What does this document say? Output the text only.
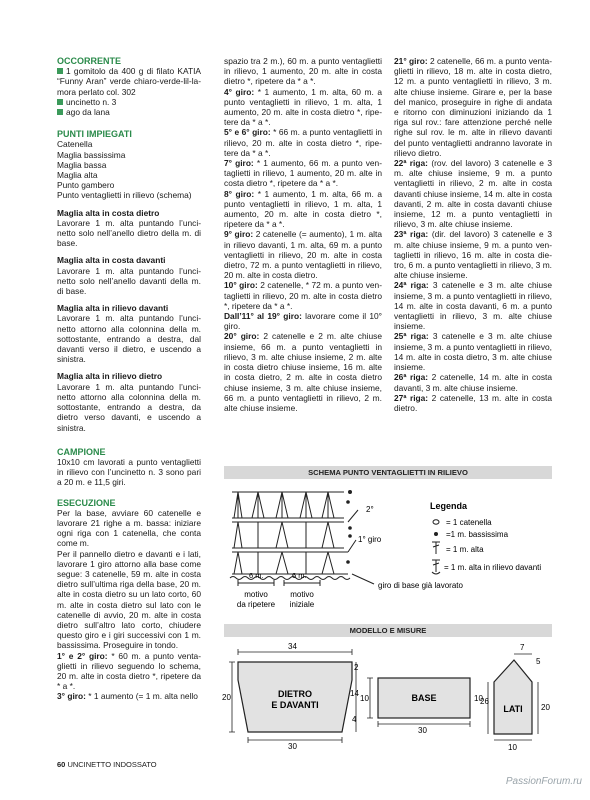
OCCORRENTE
1 gomitolo da 400 g di filato KATIA “Funny Aran” verde chiaro-verde-lil-la-mora perlato col. 302
uncinetto n. 3
ago da lana
PUNTI IMPIEGATI
Catenella
Maglia bassissima
Maglia bassa
Maglia alta
Punto gambero
Punto ventaglietti in rilievo (schema)
Maglia alta in costa dietro
Lavorare 1 m. alta puntando l’unci-netto solo nell’anello dietro della m. di base.
Maglia alta in costa davanti
Lavorare 1 m. alta puntando l’unci-netto solo nell’anello davanti della m. di base.
Maglia alta in rilievo davanti
Lavorare 1 m. alta puntando l’unci-netto attorno alla colonnina della m. sottostante, entrando a destra, dal davanti verso il dietro, e uscendo a sinistra.
Maglia alta in rilievo dietro
Lavorare 1 m. alta puntando l’unci-netto attorno alla colonnina della m. sottostante, entrando a destra, da dietro verso davanti, e uscendo a sinistra.
CAMPIONE
10x10 cm lavorati a punto ventaglietti in rilievo con l’uncinetto n. 3 sono pari a 20 m. e 11,5 giri.
ESECUZIONE
Per la base, avviare 60 catenelle e lavorare 21 righe a m. bassa: iniziare ogni riga con 1 catenella, che conta come m.
Per il pannello dietro e davanti e i lati, lavorare 1 giro attorno alla base come segue: 3 catenelle, 59 m. alte in costa dietro sull’ultima riga della base, 20 m. alte in costa dietro su un lato corto, 60 m. alte in costa dietro sul lato con le catenelle di avvio, 20 m. alte in costa dietro sull’altro lato corto, chiudere questo giro e i giri successivi con 1 m. bassissima. Proseguire in tondo.
1° e 2° giro: * 60 m. a punto venta-glietti in rilievo seguendo lo schema, 20 m. alte in costa dietro *, ripetere da * a *.
3° giro: * 1 aumento (= 1 m. alta nello
spazio tra 2 m.), 60 m. a punto ventaglietti in rilievo, 1 aumento, 20 m. alte in costa dietro *, ripetere da * a *.
4° giro: * 1 aumento, 1 m. alta, 60 m. a punto ventaglietti in rilievo, 1 m. alta, 1 aumento, 20 m. alte in costa dietro *, ripe-tere da * a *.
5° e 6° giro: * 66 m. a punto ventaglietti in rilievo, 20 m. alte in costa dietro *, ripe-tere da * a *.
7° giro: * 1 aumento, 66 m. a punto ven-taglietti in rilievo, 1 aumento, 20 m. alte in costa dietro *, ripetere da * a *.
8° giro: * 1 aumento, 1 m. alta, 66 m. a punto ventaglietti in rilievo, 1 m. alta, 1 aumento, 20 m. alte in costa dietro *, ripetere da * a *.
9° giro: 2 catenelle (= aumento), 1 m. alta in rilievo davanti, 1 m. alta, 69 m. a punto ventaglietti in rilievo, 20 m. alte in costa dietro, 72 m. a punto ventaglietti in rilievo, 20 m. alte in costa dietro.
10° giro: 2 catenelle, * 72 m. a punto ven-taglietti in rilievo, 20 m. alte in costa dietro *, ripetere da * a *.
Dall’11° al 19° giro: lavorare come il 10° giro.
20° giro: 2 catenelle e 2 m. alte chiuse insieme, 66 m. a punto ventaglietti in rilievo, 3 m. alte chiuse insieme, 2 m. alte in costa dietro chiuse insieme, 16 m. alte in costa dietro, 2 m. alte in costa dietro chiuse insieme, 3 m. alte chiuse insieme, 66 m. a punto ventaglietti in rilievo, 2 m. alte chiuse insieme.
21° giro: 2 catenelle, 66 m. a punto venta-glietti in rilievo, 18 m. alte in costa dietro, 12 m. a punto ventaglietti in rilievo, 3 m. alte chiuse insieme. Girare e, per la base del manico, proseguire in righe di andata e ritorno con diminuzioni iniziando da 1 riga sul rov.: fare attenzione perché nelle righe sul rov. le m. alte in rilievo davanti del punto ventaglietti andranno lavorate in rilievo dietro.
22ª riga: (rov. del lavoro) 3 catenelle e 3 m. alte chiuse insieme, 9 m. a punto ventaglietti in rilievo, 2 m. alte in costa davanti chiuse insieme, 14 m. alte in costa davanti, 2 m. alte in costa davanti chiuse insieme, 12 m. a punto ventaglietti in rilievo, 3 m. alte chiuse insieme.
23ª riga: (dir. del lavoro) 3 catenelle e 3 m. alte chiuse insieme, 9 m. a punto ven-taglietti in rilievo, 16 m. alte in costa die-tro, 6 m. a punto ventaglietti in rilievo, 3 m. alte chiuse insieme.
24ª riga: 3 catenelle e 3 m. alte chiuse insieme, 3 m. a punto ventaglietti in rilievo, 14 m. alte in costa davanti, 6 m. a punto ventaglietti in rilievo, 3 m. alte chiuse insieme.
25ª riga: 3 catenelle e 3 m. alte chiuse insieme, 3 m. a punto ventaglietti in rilievo, 14 m. alte in costa dietro, 3 m. alte chiuse insieme.
26ª riga: 2 catenelle, 14 m. alte in costa davanti, 3 m. alte chiuse insieme.
27ª riga: 2 catenelle, 13 m. alte in costa dietro.
SCHEMA PUNTO VENTAGLIETTI IN RILIEVO
2°
1° giro
giro di base già lavorato
6 m.	6 m.
motivo da ripetere
motivo iniziale
Legenda
= 1 catenella
=1 m. bassissima
= 1 m. alta
= 1 m. alta in rilievo davanti
MODELLO E MISURE
DIETRO E DAVANTI
BASE
LATI
34
20
2
14
4
30
10	10
30
7
5
26
20
10
60 UNCINETTO INDOSSATO
PassionForum.ru
